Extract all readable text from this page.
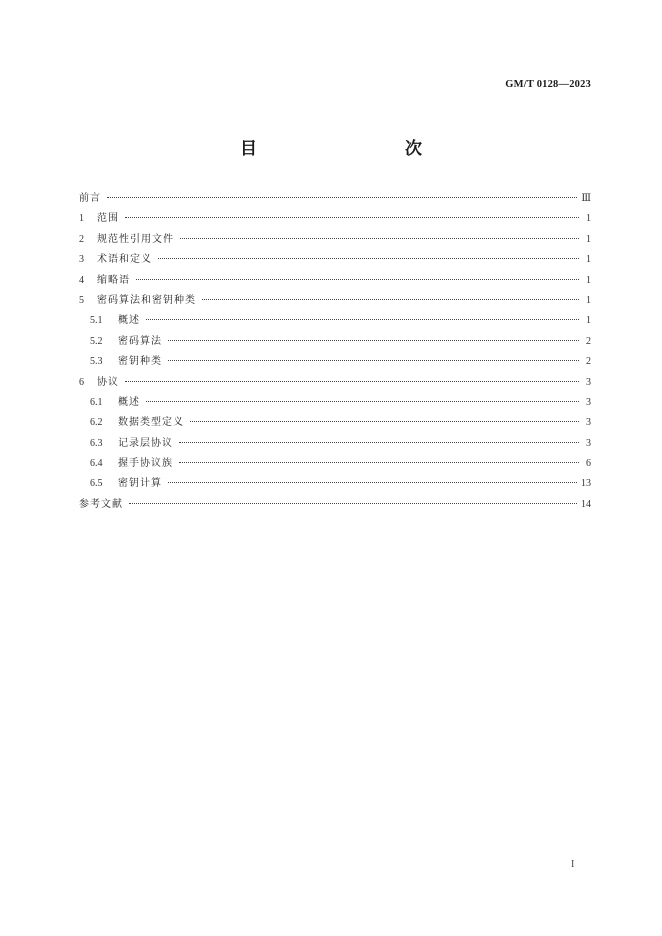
GM/T 0128—2023
目　　次
前言	Ⅲ
1 范围	1
2 规范性引用文件	1
3 术语和定义	1
4 缩略语	1
5 密码算法和密钥种类	1
5.1	概述	1
5.2	密码算法	2
5.3	密钥种类	2
6 协议	3
6.1	概述	3
6.2	数据类型定义	3
6.3	记录层协议	3
6.4	握手协议族	6
6.5	密钥计算	13
参考文献	14
I
